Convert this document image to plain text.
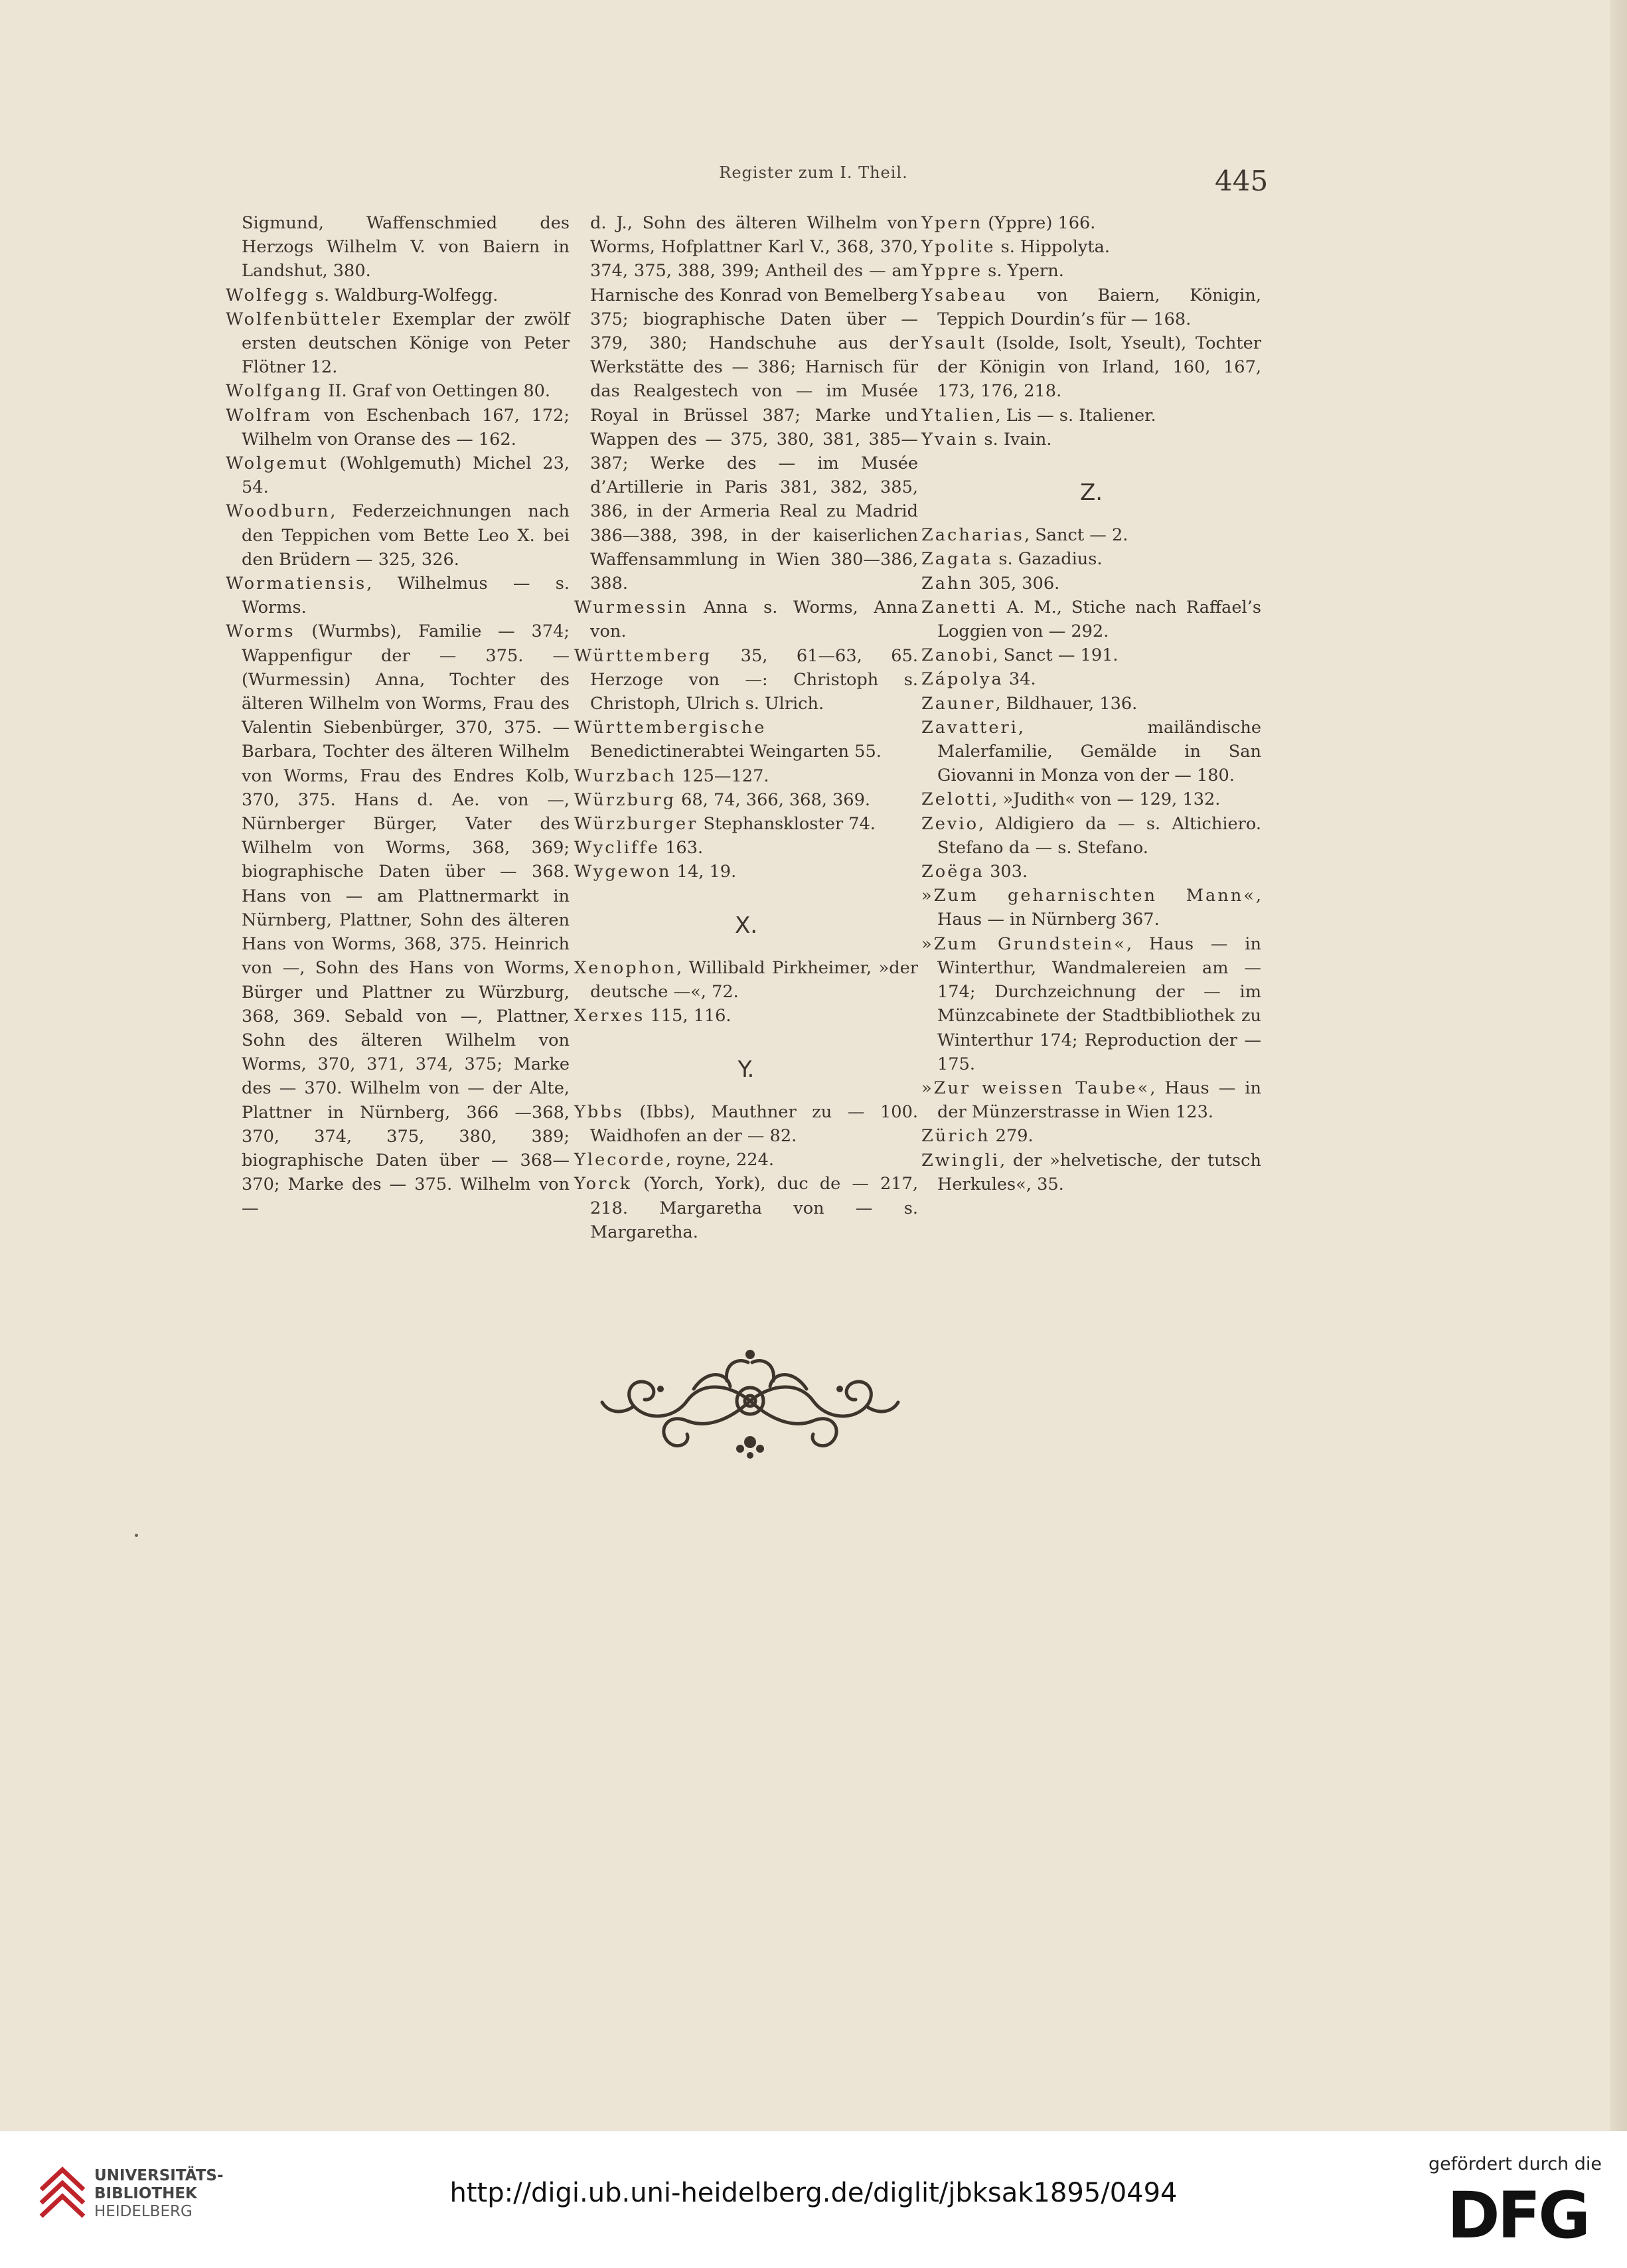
Register zum I. Theil.	445

Sigmund, Waffenschmied des Herzogs Wilhelm V. von Baiern in Landshut, 380.

Wolfegg s. Waldburg-Wolfegg.

Wolfenbütteler Exemplar der zwölf ersten deutschen Könige von Peter Flötner 12.

Wolfgang II. Graf von Oettingen 80.

Wolfram von Eschenbach 167, 172; Wilhelm von Oranse des — 162.

Wolgemut (Wohlgemuth) Michel 23, 54.

Woodburn, Federzeichnungen nach den Teppichen vom Bette Leo X. bei den Brüdern — 325, 326.

Wormatiensis, Wilhelmus — s. Worms.

Worms (Wurmbs), Familie — 374; Wappenfigur der — 375. — (Wurmessin) Anna, Tochter des älteren Wilhelm von Worms, Frau des Valentin Siebenbürger, 370, 375. — Barbara, Tochter des älteren Wilhelm von Worms, Frau des Endres Kolb, 370, 375. Hans d. Ae. von —, Nürnberger Bürger, Vater des Wilhelm von Worms, 368, 369; biographische Daten über — 368. Hans von — am Plattnermarkt in Nürnberg, Plattner, Sohn des älteren Hans von Worms, 368, 375. Heinrich von —, Sohn des Hans von Worms, Bürger und Plattner zu Würzburg, 368, 369. Sebald von —, Plattner, Sohn des älteren Wilhelm von Worms, 370, 371, 374, 375; Marke des — 370. Wilhelm von — der Alte, Plattner in Nürnberg, 366 —368, 370, 374, 375, 380, 389; biographische Daten über — 368—370; Marke des — 375. Wilhelm von —

d. J., Sohn des älteren Wilhelm von Worms, Hofplattner Karl V., 368, 370, 374, 375, 388, 399; Antheil des — am Harnische des Konrad von Bemelberg 375; biographische Daten über — 379, 380; Handschuhe aus der Werkstätte des — 386; Harnisch für das Realgestech von — im Musée Royal in Brüssel 387; Marke und Wappen des — 375, 380, 381, 385—387; Werke des — im Musée d’Artillerie in Paris 381, 382, 385, 386, in der Armeria Real zu Madrid 386—388, 398, in der kaiserlichen Waffensammlung in Wien 380—386, 388.

Wurmessin Anna s. Worms, Anna von.

Württemberg 35, 61—63, 65. Herzoge von —: Christoph s. Christoph, Ulrich s. Ulrich.

Württembergische Benedictinerabtei Weingarten 55.

Wurzbach 125—127.

Würzburg 68, 74, 366, 368, 369.

Würzburger Stephanskloster 74.

Wycliffe 163.

Wygewon 14, 19.

X.

Xenophon, Willibald Pirkheimer, »der deutsche —«, 72.

Xerxes 115, 116.

Y.

Ybbs (Ibbs), Mauthner zu — 100. Waidhofen an der — 82.

Ylecorde, royne, 224.

Yorck (Yorch, York), duc de — 217, 218. Margaretha von — s. Margaretha.

Ypern (Yppre) 166.

Ypolite s. Hippolyta.

Yppre s. Ypern.

Ysabeau von Baiern, Königin, Teppich Dourdin’s für — 168.

Ysault (Isolde, Isolt, Yseult), Tochter der Königin von Irland, 160, 167, 173, 176, 218.

Ytalien, Lis — s. Italiener.

Yvain s. Ivain.

Z.

Zacharias, Sanct — 2.

Zagata s. Gazadius.

Zahn 305, 306.

Zanetti A. M., Stiche nach Raffael’s Loggien von — 292.

Zanobi, Sanct — 191.

Zápolya 34.

Zauner, Bildhauer, 136.

Zavatteri, mailändische Malerfamilie, Gemälde in San Giovanni in Monza von der — 180.

Zelotti, »Judith« von — 129, 132.

Zevio, Aldigiero da — s. Altichiero. Stefano da — s. Stefano.

Zoëga 303.

»Zum geharnischten Mann«, Haus — in Nürnberg 367.

»Zum Grundstein«, Haus — in Winterthur, Wandmalereien am — 174; Durchzeichnung der — im Münzcabinete der Stadtbibliothek zu Winterthur 174; Reproduction der — 175.

»Zur weissen Taube«, Haus — in der Münzerstrasse in Wien 123.

Zürich 279.

Zwingli, der »helvetische, der tutsch Herkules«, 35.

UNIVERSITÄTS-
BIBLIOTHEK
HEIDELBERG
http://digi.ub.uni-heidelberg.de/diglit/jbksak1895/0494
gefördert durch die
DFG
